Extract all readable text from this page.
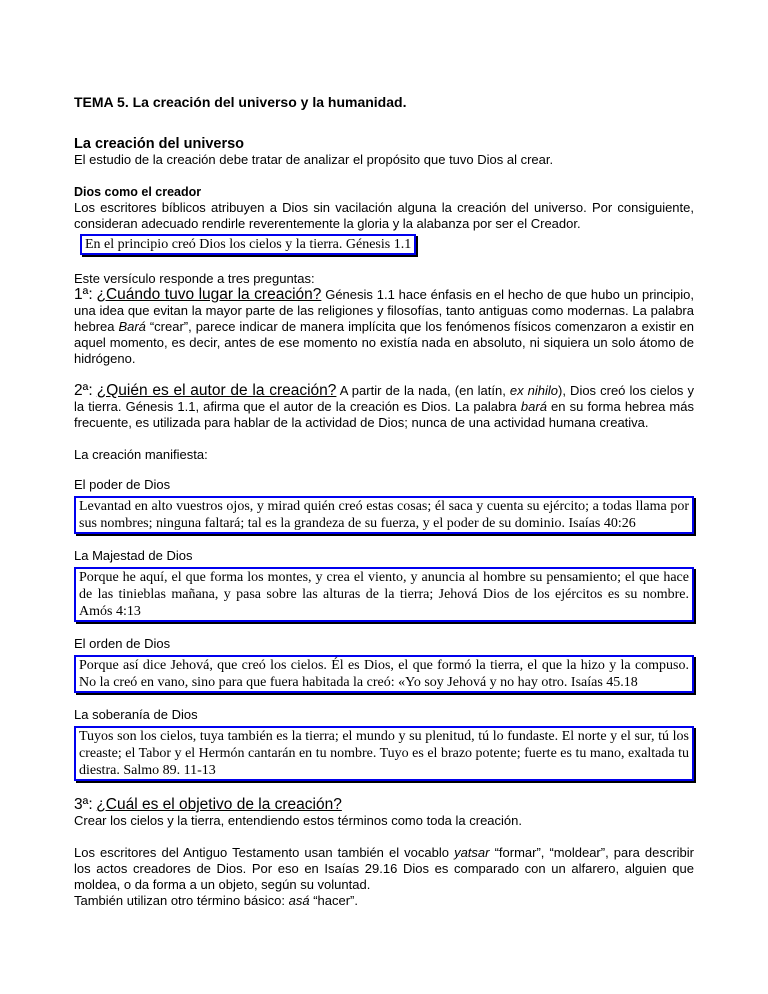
TEMA 5. La creación del universo y la humanidad.

La creación del universo

El estudio de la creación debe tratar de analizar el propósito que tuvo Dios al crear.

Dios como el creador

Los escritores bíblicos atribuyen a Dios sin vacilación alguna la creación del universo. Por consiguiente, consideran adecuado rendirle reverentemente la gloria y la alabanza por ser el Creador.

En el principio creó Dios los cielos y la tierra. Génesis 1.1

Este versículo responde a tres preguntas:

1ª: ¿Cuándo tuvo lugar la creación? Génesis 1.1 hace énfasis en el hecho de que hubo un principio, una idea que evitan la mayor parte de las religiones y filosofías, tanto antiguas como modernas. La palabra hebrea Bará “crear”, parece indicar de manera implícita que los fenómenos físicos comenzaron a existir en aquel momento, es decir, antes de ese momento no existía nada en absoluto, ni siquiera un solo átomo de hidrógeno.

2ª: ¿Quién es el autor de la creación? A partir de la nada, (en latín, ex nihilo), Dios creó los cielos y la tierra. Génesis 1.1, afirma que el autor de la creación es Dios. La palabra bará en su forma hebrea más frecuente, es utilizada para hablar de la actividad de Dios; nunca de una actividad humana creativa.

La creación manifiesta:

El poder de Dios

Levantad en alto vuestros ojos, y mirad quién creó estas cosas; él saca y cuenta su ejército; a todas llama por sus nombres; ninguna faltará; tal es la grandeza de su fuerza, y el poder de su dominio. Isaías 40:26

La Majestad de Dios

Porque he aquí, el que forma los montes, y crea el viento, y anuncia al hombre su pensamiento; el que hace de las tinieblas mañana, y pasa sobre las alturas de la tierra; Jehová Dios de los ejércitos es su nombre. Amós 4:13

El orden de Dios

Porque así dice Jehová, que creó los cielos. Él es Dios, el que formó la tierra, el que la hizo y la compuso. No la creó en vano, sino para que fuera habitada la creó: «Yo soy Jehová y no hay otro. Isaías 45.18

La soberanía de Dios

Tuyos son los cielos, tuya también es la tierra; el mundo y su plenitud, tú lo fundaste. El norte y el sur, tú los creaste; el Tabor y el Hermón cantarán en tu nombre. Tuyo es el brazo potente; fuerte es tu mano, exaltada tu diestra. Salmo 89. 11-13

3ª: ¿Cuál es el objetivo de la creación?

Crear los cielos y la tierra, entendiendo estos términos como toda la creación.

Los escritores del Antiguo Testamento usan también el vocablo yatsar “formar”, “moldear”, para describir los actos creadores de Dios. Por eso en Isaías 29.16 Dios es comparado con un alfarero, alguien que moldea, o da forma a un objeto, según su voluntad.

También utilizan otro término básico: asá “hacer”.
